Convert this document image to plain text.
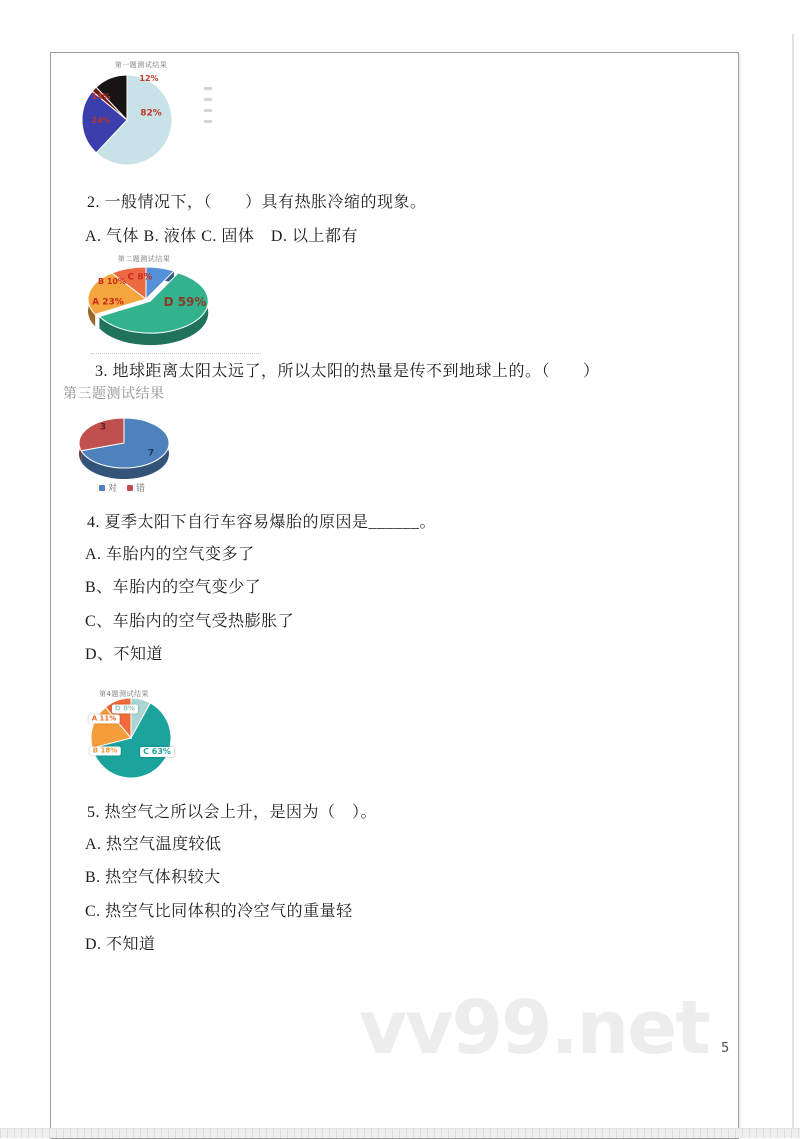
第一题测试结果
82%
24%
14%
12%
2. 一般情况下，（　　）具有热胀冷缩的现象。
A. 气体 B. 液体 C. 固体　D. 以上都有
第二题测试结果
C 8%
D 59%
A 23%
B 10%
3. 地球距离太阳太远了，所以太阳的热量是传不到地球上的。（　　）
第三题测试结果
对 错
7
3
4. 夏季太阳下自行车容易爆胎的原因是______。
A. 车胎内的空气变多了
B、车胎内的空气变少了
C、车胎内的空气受热膨胀了
D、不知道
第4题测试结果
D 8%
C 63%
B 18%
A 11%
5. 热空气之所以会上升，是因为（　）。
A. 热空气温度较低
B. 热空气体积较大
C. 热空气比同体积的冷空气的重量轻
D. 不知道
vv99.net 5
